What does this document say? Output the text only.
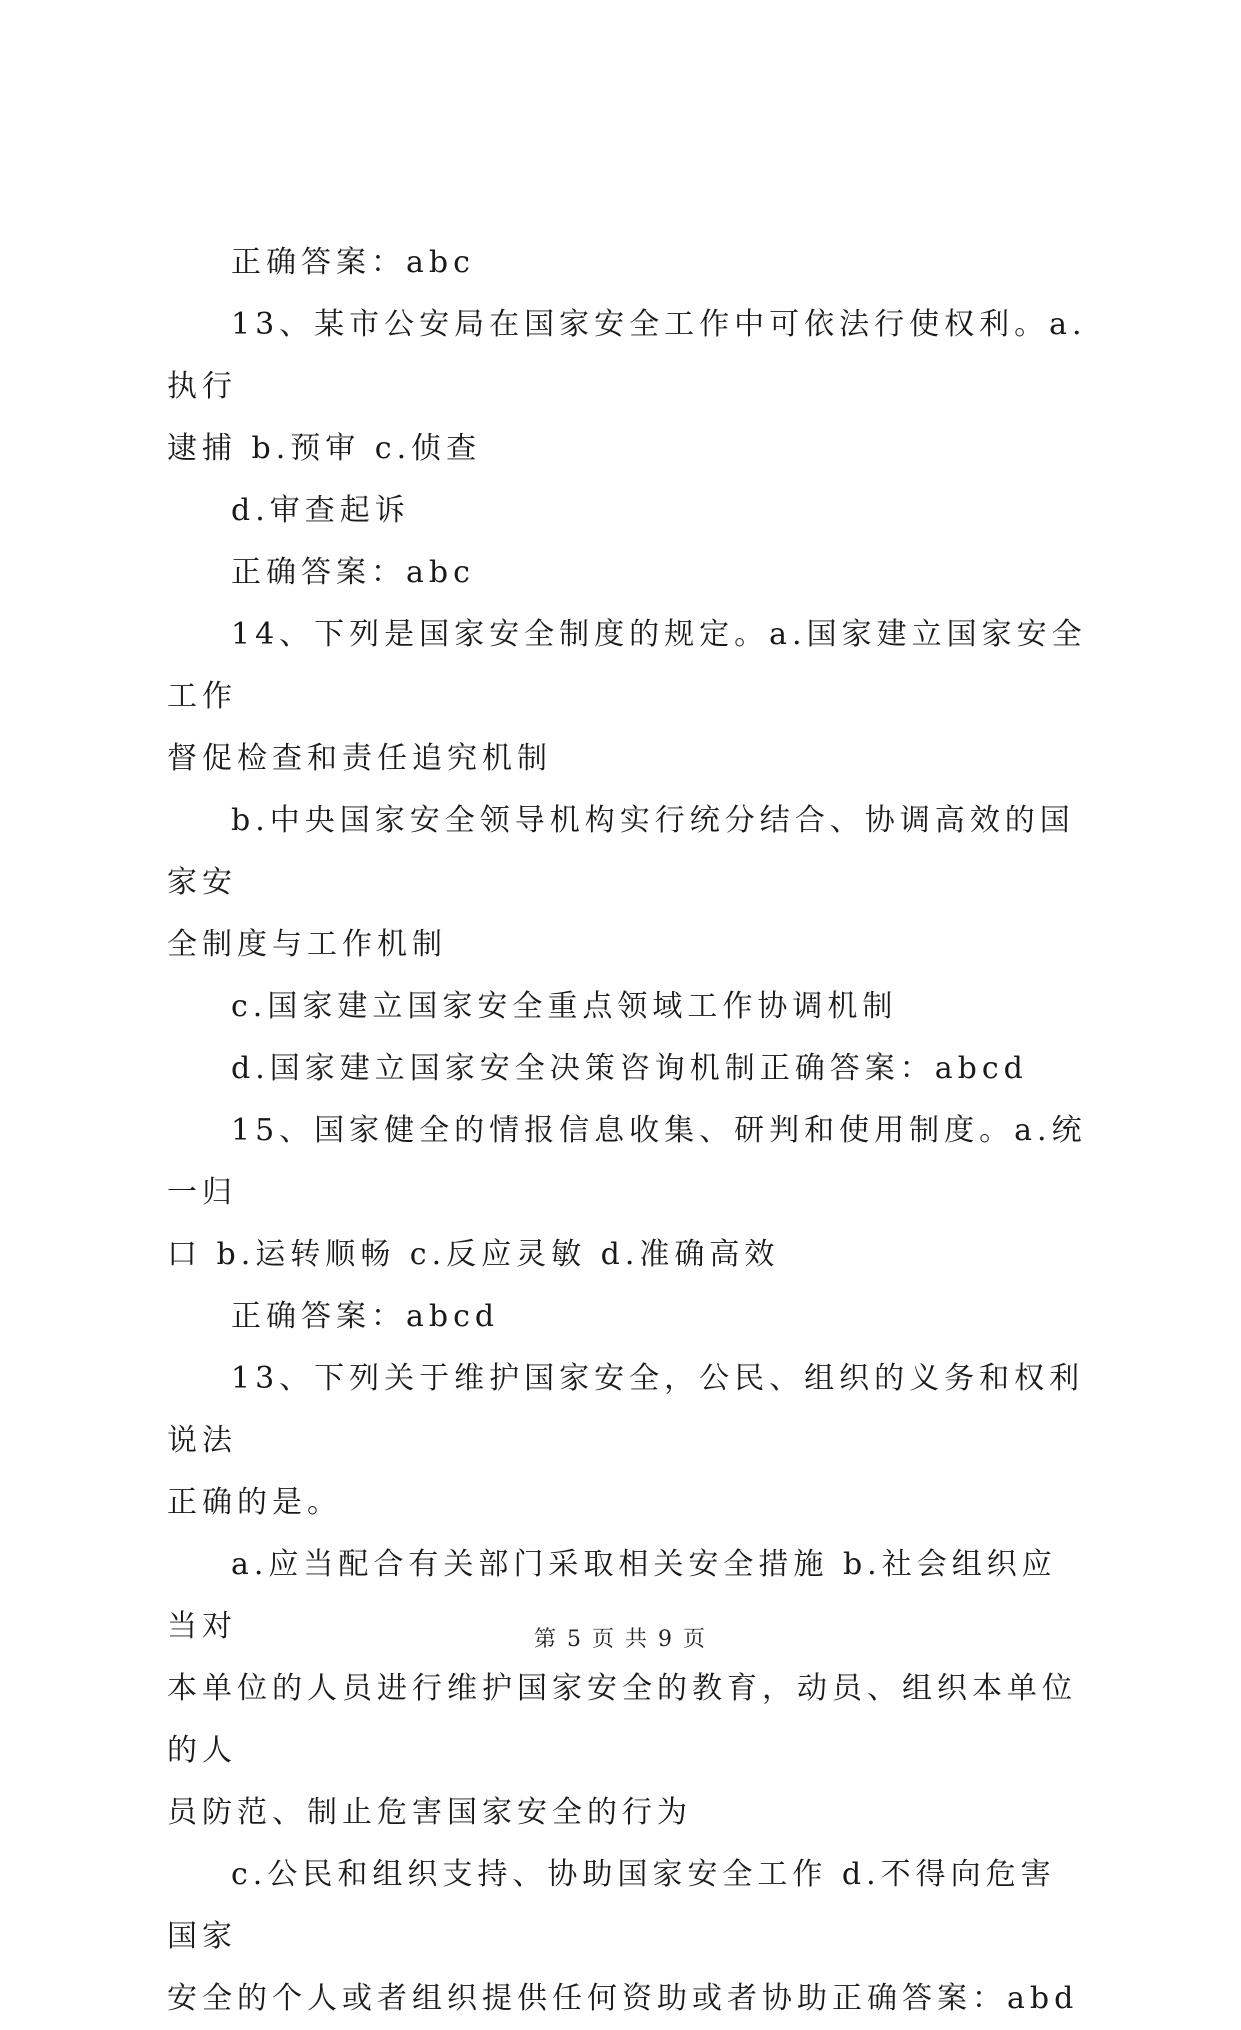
正确答案：abc

13、某市公安局在国家安全工作中可依法行使权利。a.执行

逮捕 b.预审 c.侦查

d.审查起诉

正确答案：abc

14、下列是国家安全制度的规定。a.国家建立国家安全工作

督促检查和责任追究机制

b.中央国家安全领导机构实行统分结合、协调高效的国家安

全制度与工作机制

c.国家建立国家安全重点领域工作协调机制

d.国家建立国家安全决策咨询机制正确答案：abcd

15、国家健全的情报信息收集、研判和使用制度。a.统一归

口 b.运转顺畅 c.反应灵敏 d.准确高效

正确答案：abcd

13、下列关于维护国家安全，公民、组织的义务和权利说法

正确的是。

a.应当配合有关部门采取相关安全措施 b.社会组织应当对

本单位的人员进行维护国家安全的教育，动员、组织本单位的人

员防范、制止危害国家安全的行为

c.公民和组织支持、协助国家安全工作 d.不得向危害国家

安全的个人或者组织提供任何资助或者协助正确答案：abd

第 5 页 共 9 页
